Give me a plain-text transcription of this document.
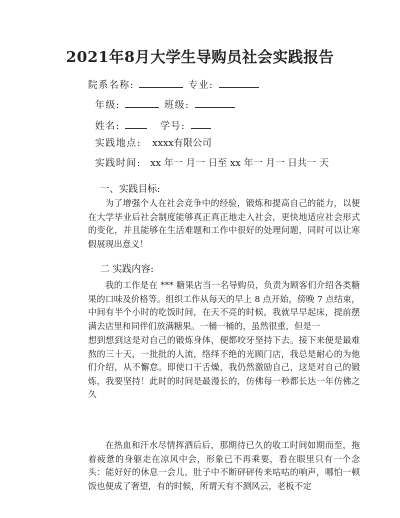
2021年8月大学生导购员社会实践报告
院系名称:	专业:
年级:	班级:
姓名:	学号:
实践地点: xxxx有限公司
实践时间: xx 年一 月一 日至 xx 年一 月一 日共一 天
一、实践目标:

为了增强个人在社会竞争中的经验，锻炼和提高自己的能力，以便在大学毕业后社会制度能够真正真正地走入社会，更快地适应社会形式的变化，并且能够在生活难题和工作中很好的处理问题，同时可以让寒假展现出意义！

二 实践内容:

我的工作是在 *** 糖果店当一名导购员，负责为顾客们介绍各类糖果的口味及价格等。组织工作从每天的早上 8 点开始，傍晚 7 点结束，中间有半个小时的吃饭时间，在天不亮的时候，我就早早起床，提前摆满去店里和同伴们放满糖果。一桶一桶的，虽然很重，但是一

想到想到这是对自己的锻炼身体，便都咬牙坚持下去。接下来便是最难熬的三十天，一批批的人流，络绎不绝的光顾门店，我总是耐心的为他们介绍，从不懈怠。即使口干舌燥，我仍然激励自己，这是对自己的锻炼，我要坚持！此时的时间是最漫长的，仿佛每一秒都长达一年仿佛之久

在热血和汗水尽情挥洒后后，那期待已久的收工时间如期而至，拖着疲惫的身躯走在凉风中会，形象已不再乘要，看在眼里只有一个念头：能好好的休息一会儿，肚子中不断砰砰传来咕咕的响声，哪怕一顿饭也便成了奢望，有的时候，所谓天有不测风云，老板不定
